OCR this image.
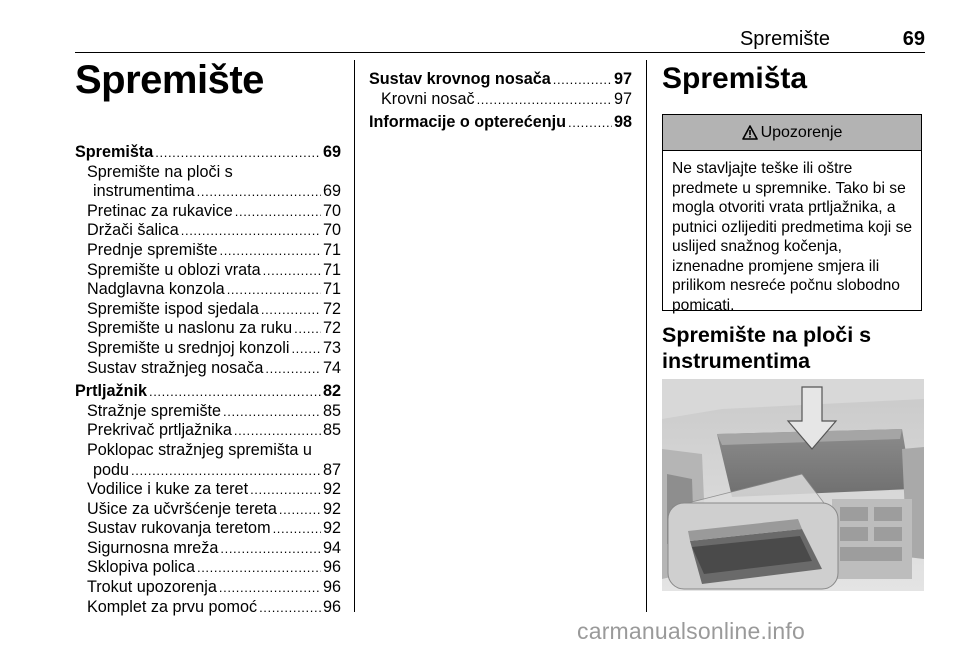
Spremište	69
Spremište
Spremišta . . .	69
Spremište na ploči s
instrumentima . . .	69
Pretinac za rukavice . . .	70
Držači šalica . . .	70
Prednje spremište . . .	71
Spremište u oblozi vrata . . .	71
Nadglavna konzola . . .	71
Spremište ispod sjedala . . .	72
Spremište u naslonu za ruku . . . 72
Spremište u srednjoj konzoli . . . 73
Sustav stražnjeg nosača . . .	74
Prtljažnik . . .	82
Stražnje spremište . . .	85
Prekrivač prtljažnika . . .	85
Poklopac stražnjeg spremišta u
podu . . .	87
Vodilice i kuke za teret . . .	92
Ušice za učvršćenje tereta . . .	92
Sustav rukovanja teretom . . .	92
Sigurnosna mreža . . .	94
Sklopiva polica . . .	96
Trokut upozorenja . . .	96
Komplet za prvu pomoć . . .	96
Sustav krovnog nosača . . .	97
Krovni nosač . . .	97
Informacije o opterećenju . . .	98
Spremišta
Upozorenje
Ne stavljajte teške ili oštre predmete u spremnike. Tako bi se mogla otvoriti vrata prtljažnika, a putnici ozlijediti predmetima koji se uslijed snažnog kočenja, iznenadne promjene smjera ili prilikom nesreće počnu slobodno pomicati.
Spremište na ploči s instrumentima
carmanualsonline.info
